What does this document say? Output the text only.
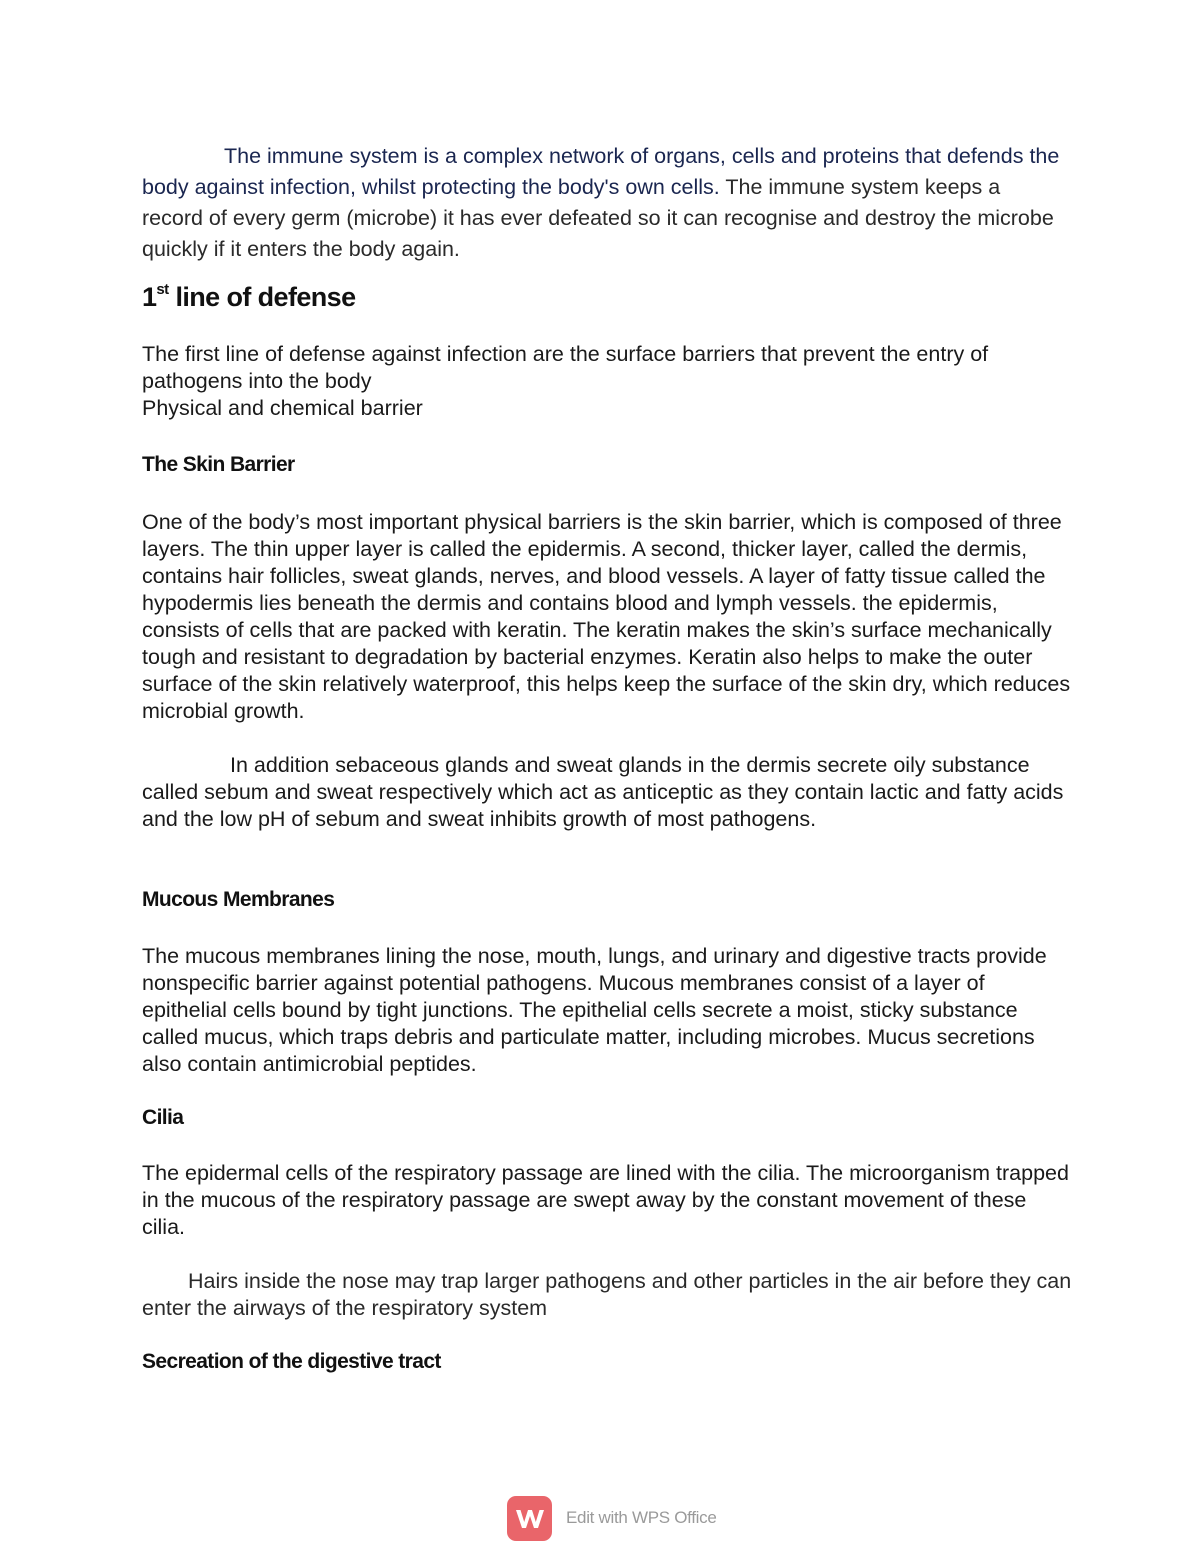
The immune system is a complex network of organs, cells and proteins that defends the body against infection, whilst protecting the body's own cells. The immune system keeps a record of every germ (microbe) it has ever defeated so it can recognise and destroy the microbe quickly if it enters the body again.

1st line of defense

The first line of defense against infection are the surface barriers that prevent the entry of pathogens into the body
Physical and chemical barrier

The Skin Barrier

One of the body’s most important physical barriers is the skin barrier, which is composed of three layers. The thin upper layer is called the epidermis. A second, thicker layer, called the dermis, contains hair follicles, sweat glands, nerves, and blood vessels. A layer of fatty tissue called the hypodermis lies beneath the dermis and contains blood and lymph vessels. the epidermis, consists of cells that are packed with keratin. The keratin makes the skin’s surface mechanically tough and resistant to degradation by bacterial enzymes. Keratin also helps to make the outer surface of the skin relatively waterproof, this helps keep the surface of the skin dry, which reduces microbial growth.

In addition sebaceous glands and sweat glands in the dermis secrete oily substance called sebum and sweat respectively which act as anticeptic as they contain lactic and fatty acids and the low pH of sebum and sweat inhibits growth of most pathogens.

Mucous Membranes

The mucous membranes lining the nose, mouth, lungs, and urinary and digestive tracts provide nonspecific barrier against potential pathogens. Mucous membranes consist of a layer of epithelial cells bound by tight junctions. The epithelial cells secrete a moist, sticky substance called mucus, which traps debris and particulate matter, including microbes. Mucus secretions also contain antimicrobial peptides.

Cilia

The epidermal cells of the respiratory passage are lined with the cilia. The microorganism trapped in the mucous of the respiratory passage are swept away by the constant movement of these cilia.

Hairs inside the nose may trap larger pathogens and other particles in the air before they can enter the airways of the respiratory system

Secreation of the digestive tract
Edit with WPS Office
